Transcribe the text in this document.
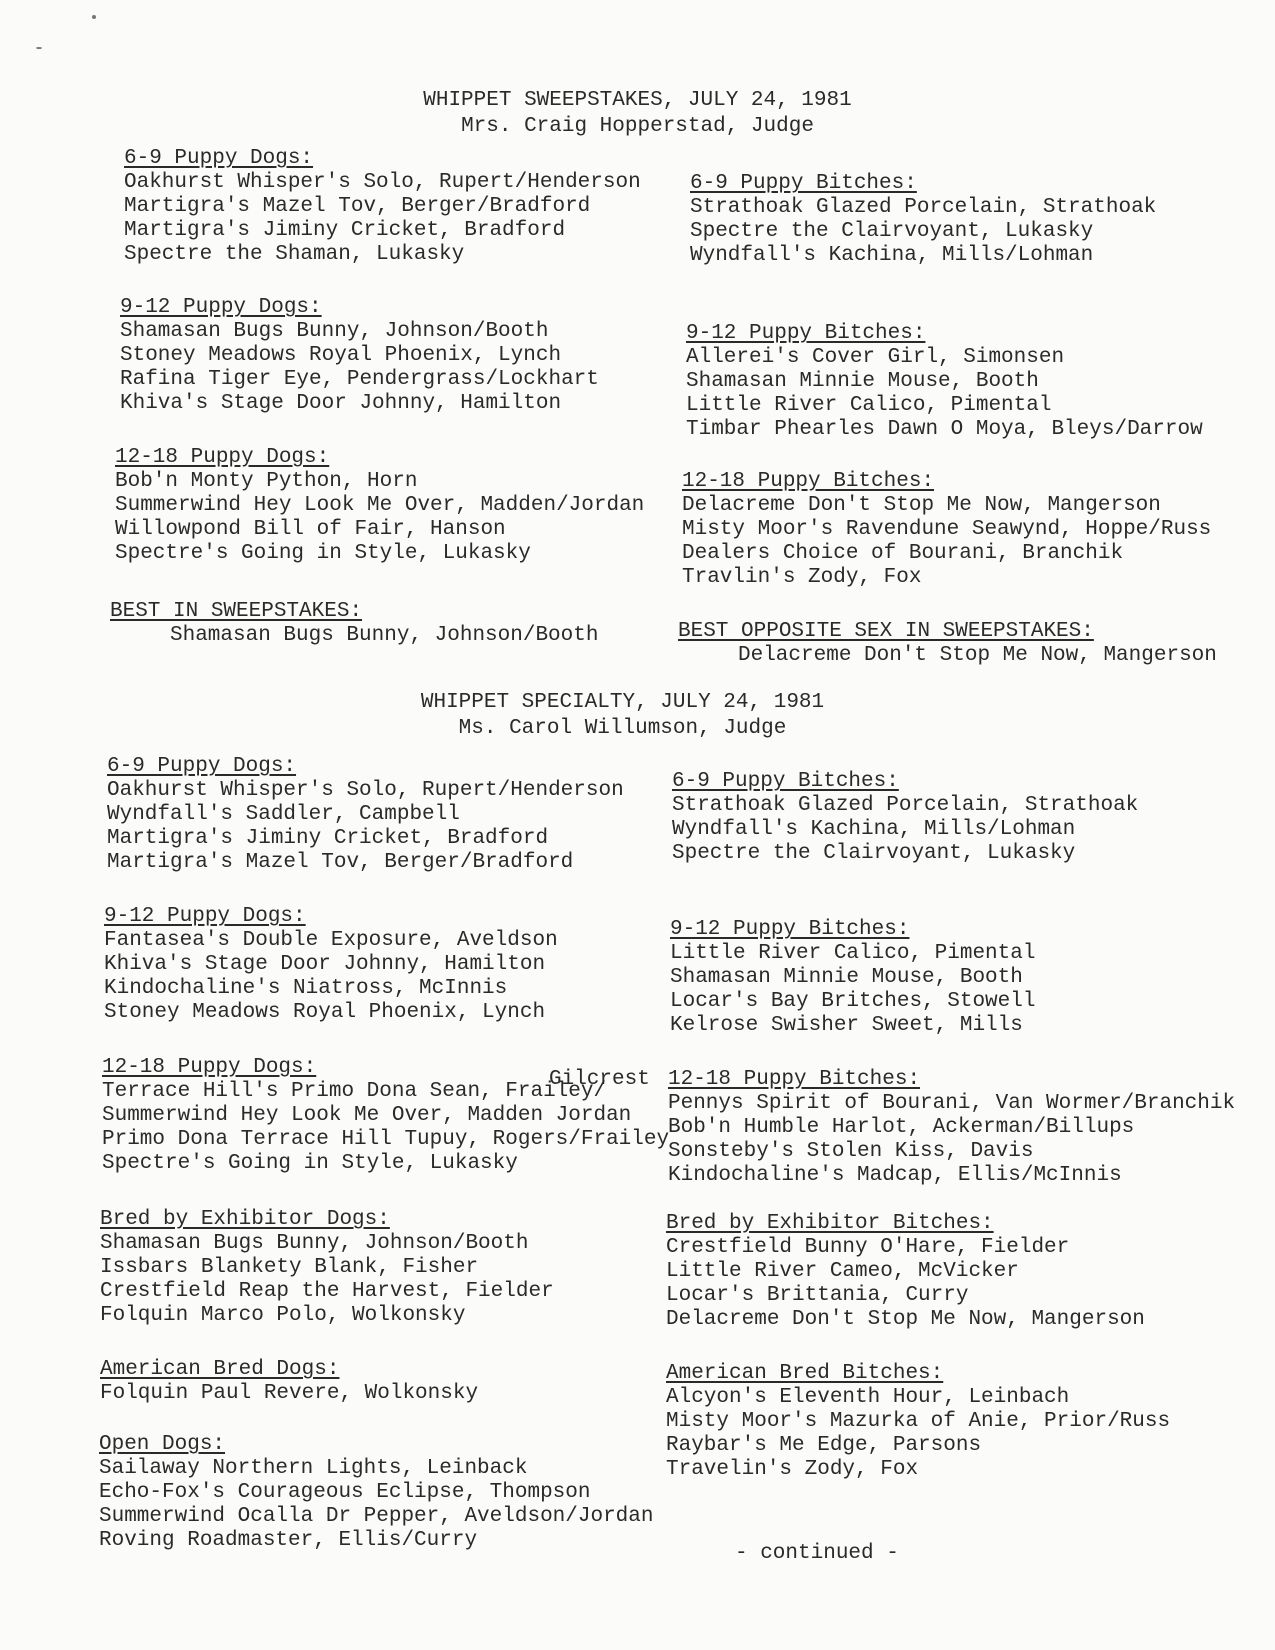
WHIPPET SWEEPSTAKES, JULY 24, 1981
Mrs. Craig Hopperstad, Judge
6-9 Puppy Dogs:
Oakhurst Whisper's Solo, Rupert/Henderson
Martigra's Mazel Tov, Berger/Bradford
Martigra's Jiminy Cricket, Bradford
Spectre the Shaman, Lukasky
9-12 Puppy Dogs:
Shamasan Bugs Bunny, Johnson/Booth
Stoney Meadows Royal Phoenix, Lynch
Rafina Tiger Eye, Pendergrass/Lockhart
Khiva's Stage Door Johnny, Hamilton
12-18 Puppy Dogs:
Bob'n Monty Python, Horn
Summerwind Hey Look Me Over, Madden/Jordan
Willowpond Bill of Fair, Hanson
Spectre's Going in Style, Lukasky
BEST IN SWEEPSTAKES:
Shamasan Bugs Bunny, Johnson/Booth
6-9 Puppy Bitches:
Strathoak Glazed Porcelain, Strathoak
Spectre the Clairvoyant, Lukasky
Wyndfall's Kachina, Mills/Lohman
9-12 Puppy Bitches:
Allerei's Cover Girl, Simonsen
Shamasan Minnie Mouse, Booth
Little River Calico, Pimental
Timbar Phearles Dawn O Moya, Bleys/Darrow
12-18 Puppy Bitches:
Delacreme Don't Stop Me Now, Mangerson
Misty Moor's Ravendune Seawynd, Hoppe/Russ
Dealers Choice of Bourani, Branchik
Travlin's Zody, Fox
BEST OPPOSITE SEX IN SWEEPSTAKES:
Delacreme Don't Stop Me Now, Mangerson
WHIPPET SPECIALTY, JULY 24, 1981
Ms. Carol Willumson, Judge
6-9 Puppy Dogs:
Oakhurst Whisper's Solo, Rupert/Henderson
Wyndfall's Saddler, Campbell
Martigra's Jiminy Cricket, Bradford
Martigra's Mazel Tov, Berger/Bradford
9-12 Puppy Dogs:
Fantasea's Double Exposure, Aveldson
Khiva's Stage Door Johnny, Hamilton
Kindochaline's Niatross, McInnis
Stoney Meadows Royal Phoenix, Lynch
Gilcrest
12-18 Puppy Dogs:
Terrace Hill's Primo Dona Sean, Frailey/
Summerwind Hey Look Me Over, Madden Jordan
Primo Dona Terrace Hill Tupuy, Rogers/Frailey
Spectre's Going in Style, Lukasky
Bred by Exhibitor Dogs:
Shamasan Bugs Bunny, Johnson/Booth
Issbars Blankety Blank, Fisher
Crestfield Reap the Harvest, Fielder
Folquin Marco Polo, Wolkonsky
American Bred Dogs:
Folquin Paul Revere, Wolkonsky
Open Dogs:
Sailaway Northern Lights, Leinback
Echo-Fox's Courageous Eclipse, Thompson
Summerwind Ocalla Dr Pepper, Aveldson/Jordan
Roving Roadmaster, Ellis/Curry
6-9 Puppy Bitches:
Strathoak Glazed Porcelain, Strathoak
Wyndfall's Kachina, Mills/Lohman
Spectre the Clairvoyant, Lukasky
9-12 Puppy Bitches:
Little River Calico, Pimental
Shamasan Minnie Mouse, Booth
Locar's Bay Britches, Stowell
Kelrose Swisher Sweet, Mills
12-18 Puppy Bitches:
Pennys Spirit of Bourani, Van Wormer/Branchik
Bob'n Humble Harlot, Ackerman/Billups
Sonsteby's Stolen Kiss, Davis
Kindochaline's Madcap, Ellis/McInnis
Bred by Exhibitor Bitches:
Crestfield Bunny O'Hare, Fielder
Little River Cameo, McVicker
Locar's Brittania, Curry
Delacreme Don't Stop Me Now, Mangerson
American Bred Bitches:
Alcyon's Eleventh Hour, Leinbach
Misty Moor's Mazurka of Anie, Prior/Russ
Raybar's Me Edge, Parsons
Travelin's Zody, Fox
- continued -
